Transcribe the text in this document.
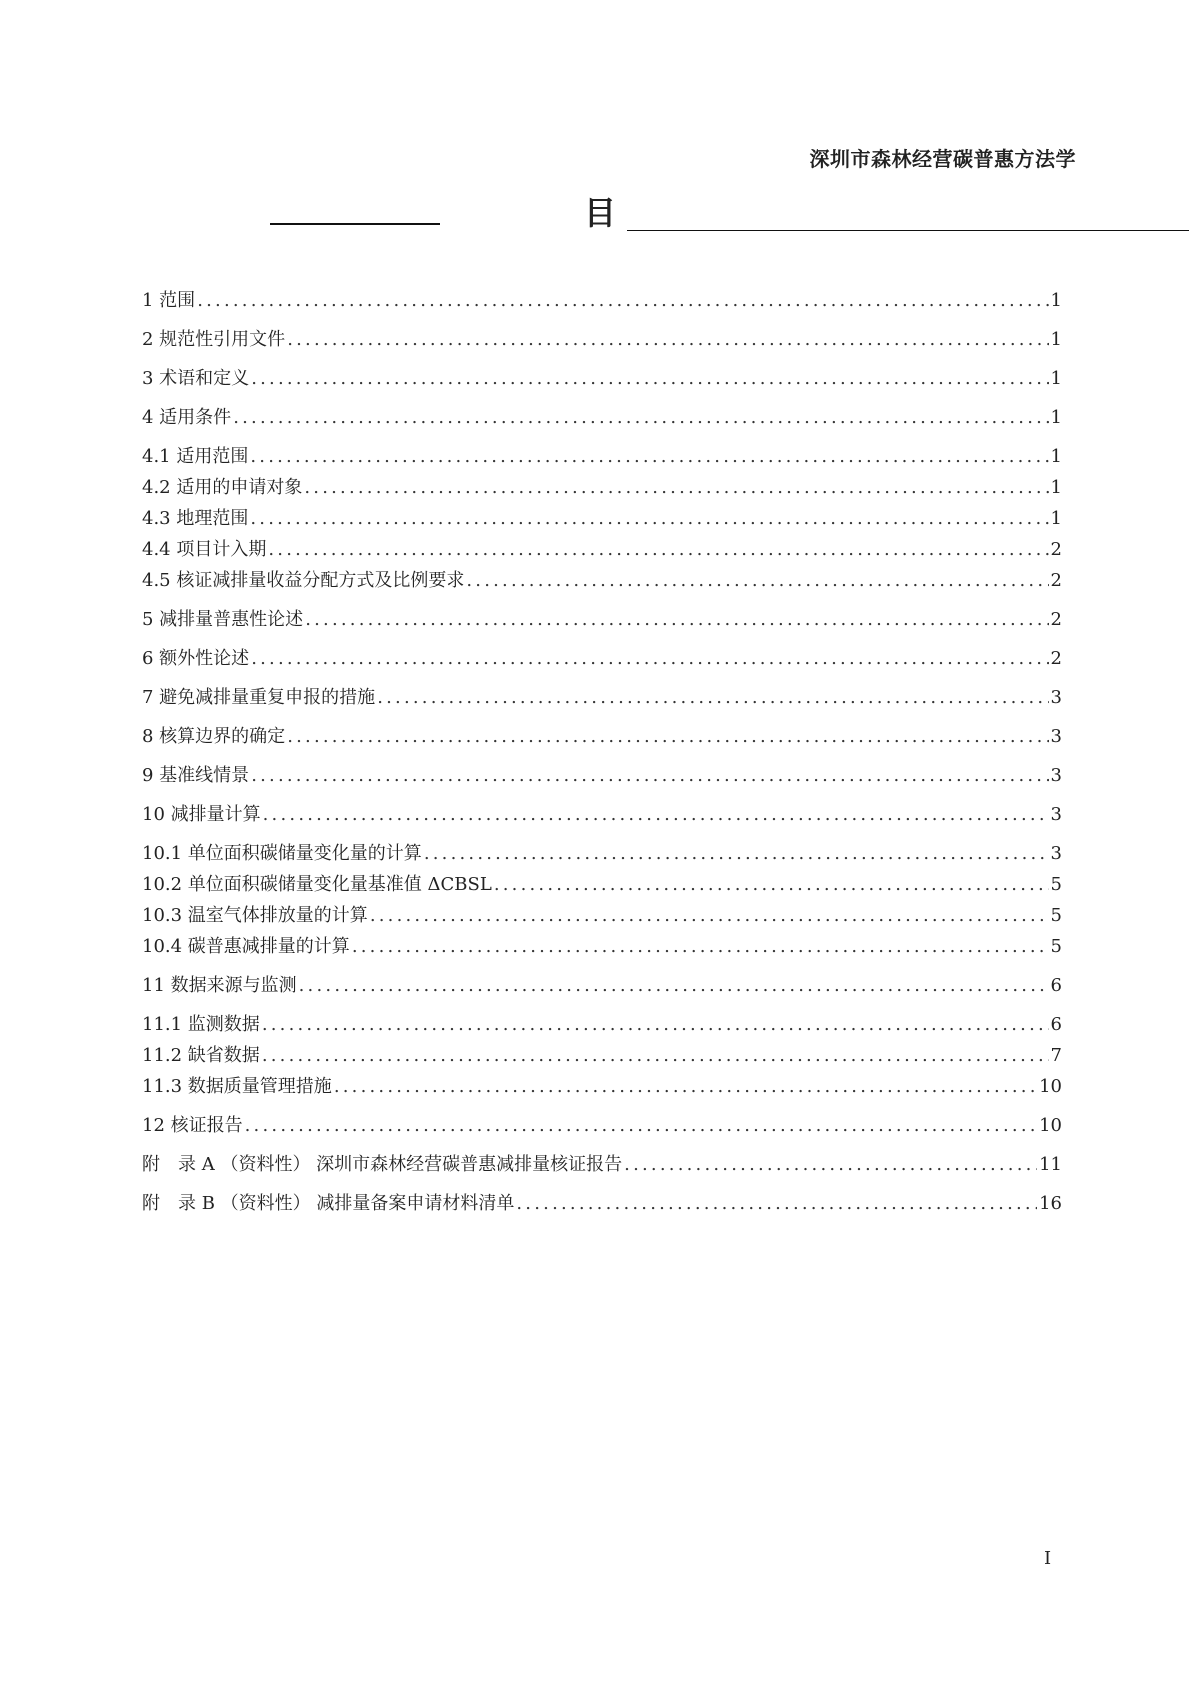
深圳市森林经营碳普惠方法学
目
1 范围 .....	1
2 规范性引用文件 .....	1
3 术语和定义 .....	1
4 适用条件 .....	1
4.1 适用范围 .....	1
4.2 适用的申请对象 .....	1
4.3 地理范围 .....	1
4.4 项目计入期 .....	2
4.5 核证减排量收益分配方式及比例要求 .....	2
5 减排量普惠性论述 .....	2
6 额外性论述 .....	2
7 避免减排量重复申报的措施 .....	3
8 核算边界的确定 .....	3
9 基准线情景 .....	3
10 减排量计算 .....	3
10.1 单位面积碳储量变化量的计算 .....	3
10.2 单位面积碳储量变化量基准值 ΔCBSL .....	5
10.3 温室气体排放量的计算 .....	5
10.4 碳普惠减排量的计算 .....	5
11 数据来源与监测 .....	6
11.1 监测数据 .....	6
11.2 缺省数据 .....	7
11.3 数据质量管理措施 .....	10
12 核证报告 .....	10
附　录 A （资料性） 深圳市森林经营碳普惠减排量核证报告 .....	11
附　录 B （资料性） 减排量备案申请材料清单 .....	16
I
